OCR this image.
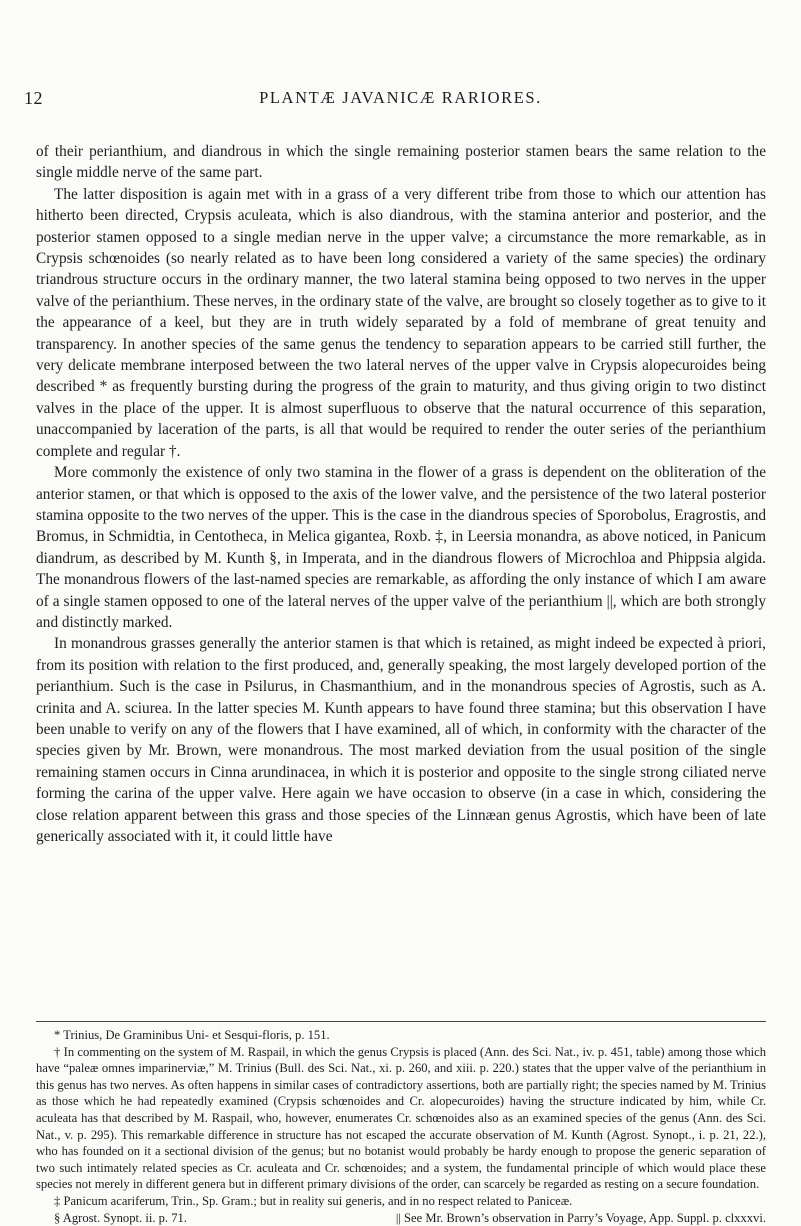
12	PLANTÆ JAVANICÆ RARIORES.

of their perianthium, and diandrous in which the single remaining posterior stamen bears the same relation to the single middle nerve of the same part.

The latter disposition is again met with in a grass of a very different tribe from those to which our attention has hitherto been directed, Crypsis aculeata, which is also diandrous, with the stamina anterior and posterior, and the posterior stamen opposed to a single median nerve in the upper valve; a circumstance the more remarkable, as in Crypsis schœnoides (so nearly related as to have been long considered a variety of the same species) the ordinary triandrous structure occurs in the ordinary manner, the two lateral stamina being opposed to two nerves in the upper valve of the perianthium. These nerves, in the ordinary state of the valve, are brought so closely together as to give to it the appearance of a keel, but they are in truth widely separated by a fold of membrane of great tenuity and transparency. In another species of the same genus the tendency to separation appears to be carried still further, the very delicate membrane interposed between the two lateral nerves of the upper valve in Crypsis alopecuroides being described * as frequently bursting during the progress of the grain to maturity, and thus giving origin to two distinct valves in the place of the upper. It is almost superfluous to observe that the natural occurrence of this separation, unaccompanied by laceration of the parts, is all that would be required to render the outer series of the perianthium complete and regular †.

More commonly the existence of only two stamina in the flower of a grass is dependent on the obliteration of the anterior stamen, or that which is opposed to the axis of the lower valve, and the persistence of the two lateral posterior stamina opposite to the two nerves of the upper. This is the case in the diandrous species of Sporobolus, Eragrostis, and Bromus, in Schmidtia, in Centotheca, in Melica gigantea, Roxb. ‡, in Leersia monandra, as above noticed, in Panicum diandrum, as described by M. Kunth §, in Imperata, and in the diandrous flowers of Microchloa and Phippsia algida. The monandrous flowers of the last-named species are remarkable, as affording the only instance of which I am aware of a single stamen opposed to one of the lateral nerves of the upper valve of the perianthium ||, which are both strongly and distinctly marked.

In monandrous grasses generally the anterior stamen is that which is retained, as might indeed be expected à priori, from its position with relation to the first produced, and, generally speaking, the most largely developed portion of the perianthium. Such is the case in Psilurus, in Chasmanthium, and in the monandrous species of Agrostis, such as A. crinita and A. sciurea. In the latter species M. Kunth appears to have found three stamina; but this observation I have been unable to verify on any of the flowers that I have examined, all of which, in conformity with the character of the species given by Mr. Brown, were monandrous. The most marked deviation from the usual position of the single remaining stamen occurs in Cinna arundinacea, in which it is posterior and opposite to the single strong ciliated nerve forming the carina of the upper valve. Here again we have occasion to observe (in a case in which, considering the close relation apparent between this grass and those species of the Linnæan genus Agrostis, which have been of late generically associated with it, it could little have

* Trinius, De Graminibus Uni- et Sesqui-floris, p. 151.

† In commenting on the system of M. Raspail, in which the genus Crypsis is placed (Ann. des Sci. Nat., iv. p. 451, table) among those which have “paleæ omnes imparinerviæ,” M. Trinius (Bull. des Sci. Nat., xi. p. 260, and xiii. p. 220.) states that the upper valve of the perianthium in this genus has two nerves. As often happens in similar cases of contradictory assertions, both are partially right; the species named by M. Trinius as those which he had repeatedly examined (Crypsis schœnoides and Cr. alopecuroides) having the structure indicated by him, while Cr. aculeata has that described by M. Raspail, who, however, enumerates Cr. schœnoides also as an examined species of the genus (Ann. des Sci. Nat., v. p. 295). This remarkable difference in structure has not escaped the accurate observation of M. Kunth (Agrost. Synopt., i. p. 21, 22.), who has founded on it a sectional division of the genus; but no botanist would probably be hardy enough to propose the generic separation of two such intimately related species as Cr. aculeata and Cr. schœnoides; and a system, the fundamental principle of which would place these species not merely in different genera but in different primary divisions of the order, can scarcely be regarded as resting on a secure foundation.

‡ Panicum acariferum, Trin., Sp. Gram.; but in reality sui generis, and in no respect related to Paniceæ.

§ Agrost. Synopt. ii. p. 71.	|| See Mr. Brown’s observation in Parry’s Voyage, App. Suppl. p. clxxxvi.
